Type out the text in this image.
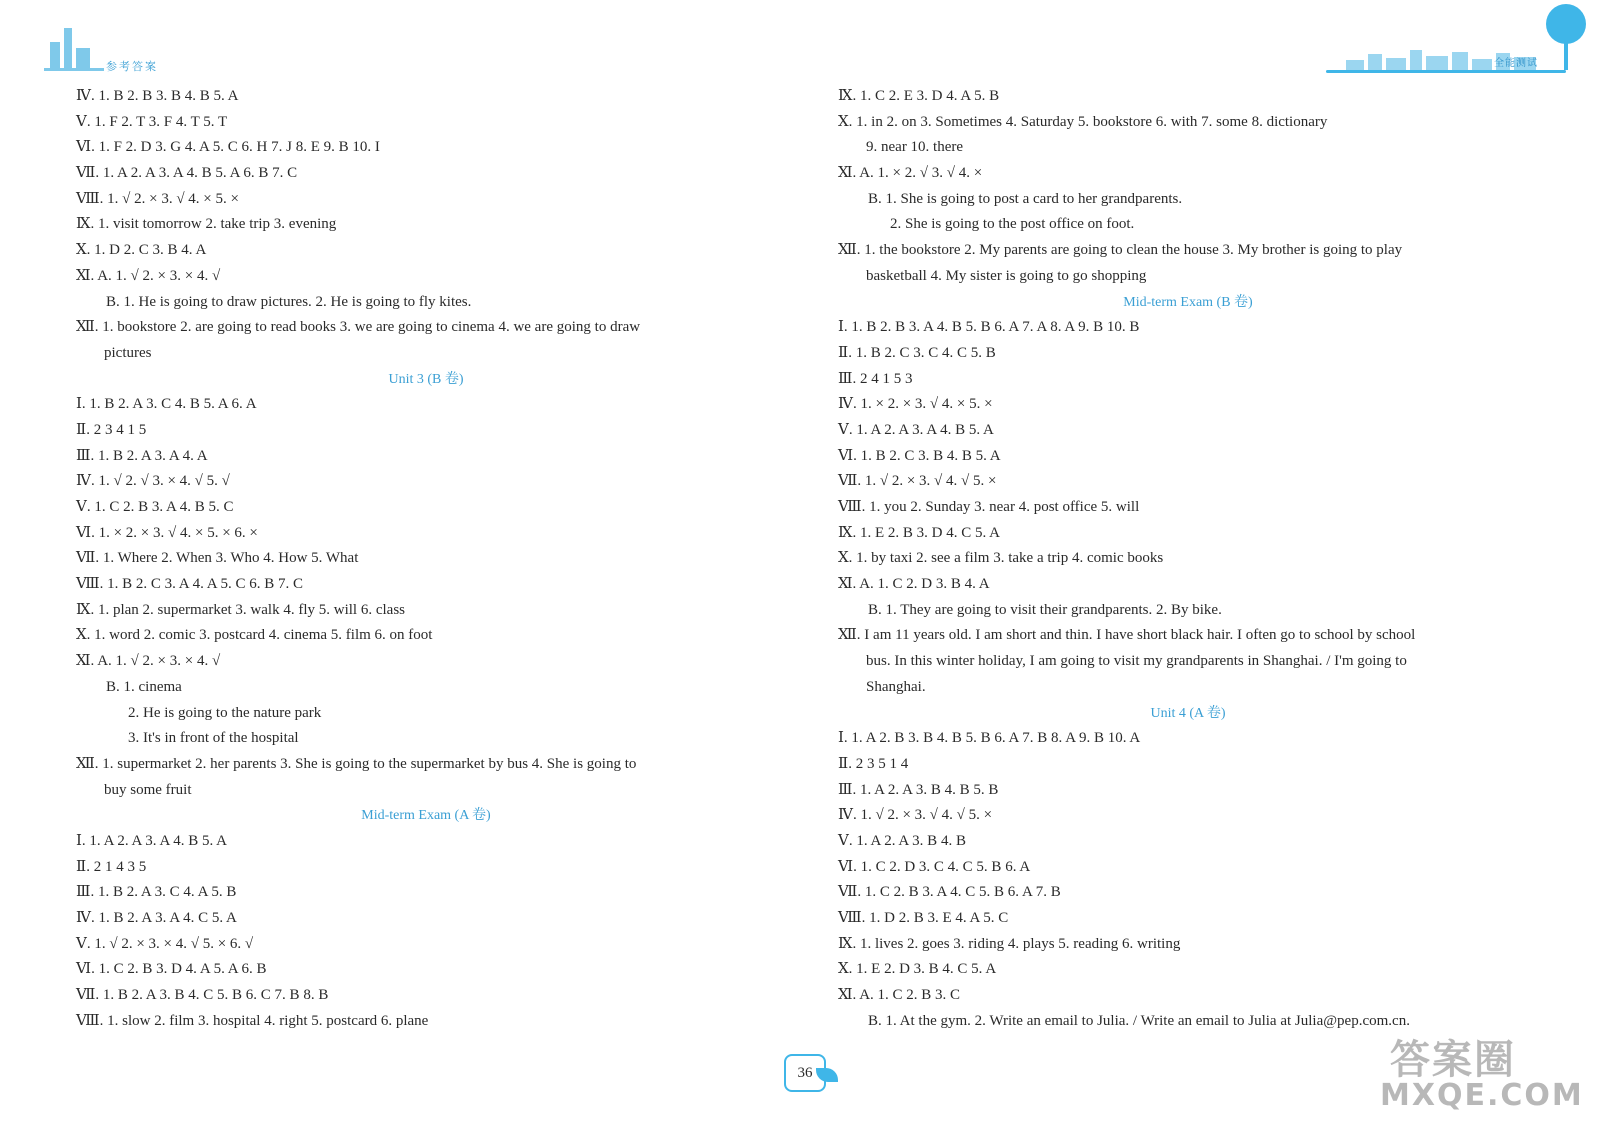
参考答案	全能测试
Ⅳ. 1. B 2. B 3. B 4. B 5. A
Ⅴ. 1. F 2. T 3. F 4. T 5. T
Ⅵ. 1. F 2. D 3. G 4. A 5. C 6. H 7. J 8. E 9. B 10. I
Ⅶ. 1. A 2. A 3. A 4. B 5. A 6. B 7. C
Ⅷ. 1. √ 2. × 3. √ 4. × 5. ×
Ⅸ. 1. visit tomorrow 2. take trip 3. evening
Ⅹ. 1. D 2. C 3. B 4. A
Ⅺ. A. 1. √ 2. × 3. × 4. √
B. 1. He is going to draw pictures. 2. He is going to fly kites.
Ⅻ. 1. bookstore 2. are going to read books 3. we are going to cinema 4. we are going to draw
pictures
Unit 3 (B 卷)
Ⅰ. 1. B 2. A 3. C 4. B 5. A 6. A
Ⅱ. 2 3 4 1 5
Ⅲ. 1. B 2. A 3. A 4. A
Ⅳ. 1. √ 2. √ 3. × 4. √ 5. √
Ⅴ. 1. C 2. B 3. A 4. B 5. C
Ⅵ. 1. × 2. × 3. √ 4. × 5. × 6. ×
Ⅶ. 1. Where 2. When 3. Who 4. How 5. What
Ⅷ. 1. B 2. C 3. A 4. A 5. C 6. B 7. C
Ⅸ. 1. plan 2. supermarket 3. walk 4. fly 5. will 6. class
Ⅹ. 1. word 2. comic 3. postcard 4. cinema 5. film 6. on foot
Ⅺ. A. 1. √ 2. × 3. × 4. √
B. 1. cinema
2. He is going to the nature park
3. It's in front of the hospital
Ⅻ. 1. supermarket 2. her parents 3. She is going to the supermarket by bus 4. She is going to
buy some fruit
Mid-term Exam (A 卷)
Ⅰ. 1. A 2. A 3. A 4. B 5. A
Ⅱ. 2 1 4 3 5
Ⅲ. 1. B 2. A 3. C 4. A 5. B
Ⅳ. 1. B 2. A 3. A 4. C 5. A
Ⅴ. 1. √ 2. × 3. × 4. √ 5. × 6. √
Ⅵ. 1. C 2. B 3. D 4. A 5. A 6. B
Ⅶ. 1. B 2. A 3. B 4. C 5. B 6. C 7. B 8. B
Ⅷ. 1. slow 2. film 3. hospital 4. right 5. postcard 6. plane
Ⅸ. 1. C 2. E 3. D 4. A 5. B
Ⅹ. 1. in 2. on 3. Sometimes 4. Saturday 5. bookstore 6. with 7. some 8. dictionary
9. near 10. there
Ⅺ. A. 1. × 2. √ 3. √ 4. ×
B. 1. She is going to post a card to her grandparents.
2. She is going to the post office on foot.
Ⅻ. 1. the bookstore 2. My parents are going to clean the house 3. My brother is going to play
basketball 4. My sister is going to go shopping
Mid-term Exam (B 卷)
Ⅰ. 1. B 2. B 3. A 4. B 5. B 6. A 7. A 8. A 9. B 10. B
Ⅱ. 1. B 2. C 3. C 4. C 5. B
Ⅲ. 2 4 1 5 3
Ⅳ. 1. × 2. × 3. √ 4. × 5. ×
Ⅴ. 1. A 2. A 3. A 4. B 5. A
Ⅵ. 1. B 2. C 3. B 4. B 5. A
Ⅶ. 1. √ 2. × 3. √ 4. √ 5. ×
Ⅷ. 1. you 2. Sunday 3. near 4. post office 5. will
Ⅸ. 1. E 2. B 3. D 4. C 5. A
Ⅹ. 1. by taxi 2. see a film 3. take a trip 4. comic books
Ⅺ. A. 1. C 2. D 3. B 4. A
B. 1. They are going to visit their grandparents. 2. By bike.
Ⅻ. I am 11 years old. I am short and thin. I have short black hair. I often go to school by school
bus. In this winter holiday, I am going to visit my grandparents in Shanghai. / I'm going to
Shanghai.
Unit 4 (A 卷)
Ⅰ. 1. A 2. B 3. B 4. B 5. B 6. A 7. B 8. A 9. B 10. A
Ⅱ. 2 3 5 1 4
Ⅲ. 1. A 2. A 3. B 4. B 5. B
Ⅳ. 1. √ 2. × 3. √ 4. √ 5. ×
Ⅴ. 1. A 2. A 3. B 4. B
Ⅵ. 1. C 2. D 3. C 4. C 5. B 6. A
Ⅶ. 1. C 2. B 3. A 4. C 5. B 6. A 7. B
Ⅷ. 1. D 2. B 3. E 4. A 5. C
Ⅸ. 1. lives 2. goes 3. riding 4. plays 5. reading 6. writing
Ⅹ. 1. E 2. D 3. B 4. C 5. A
Ⅺ. A. 1. C 2. B 3. C
B. 1. At the gym. 2. Write an email to Julia. / Write an email to Julia at Julia@pep.com.cn.
36	答案圈
MXQE.COM
